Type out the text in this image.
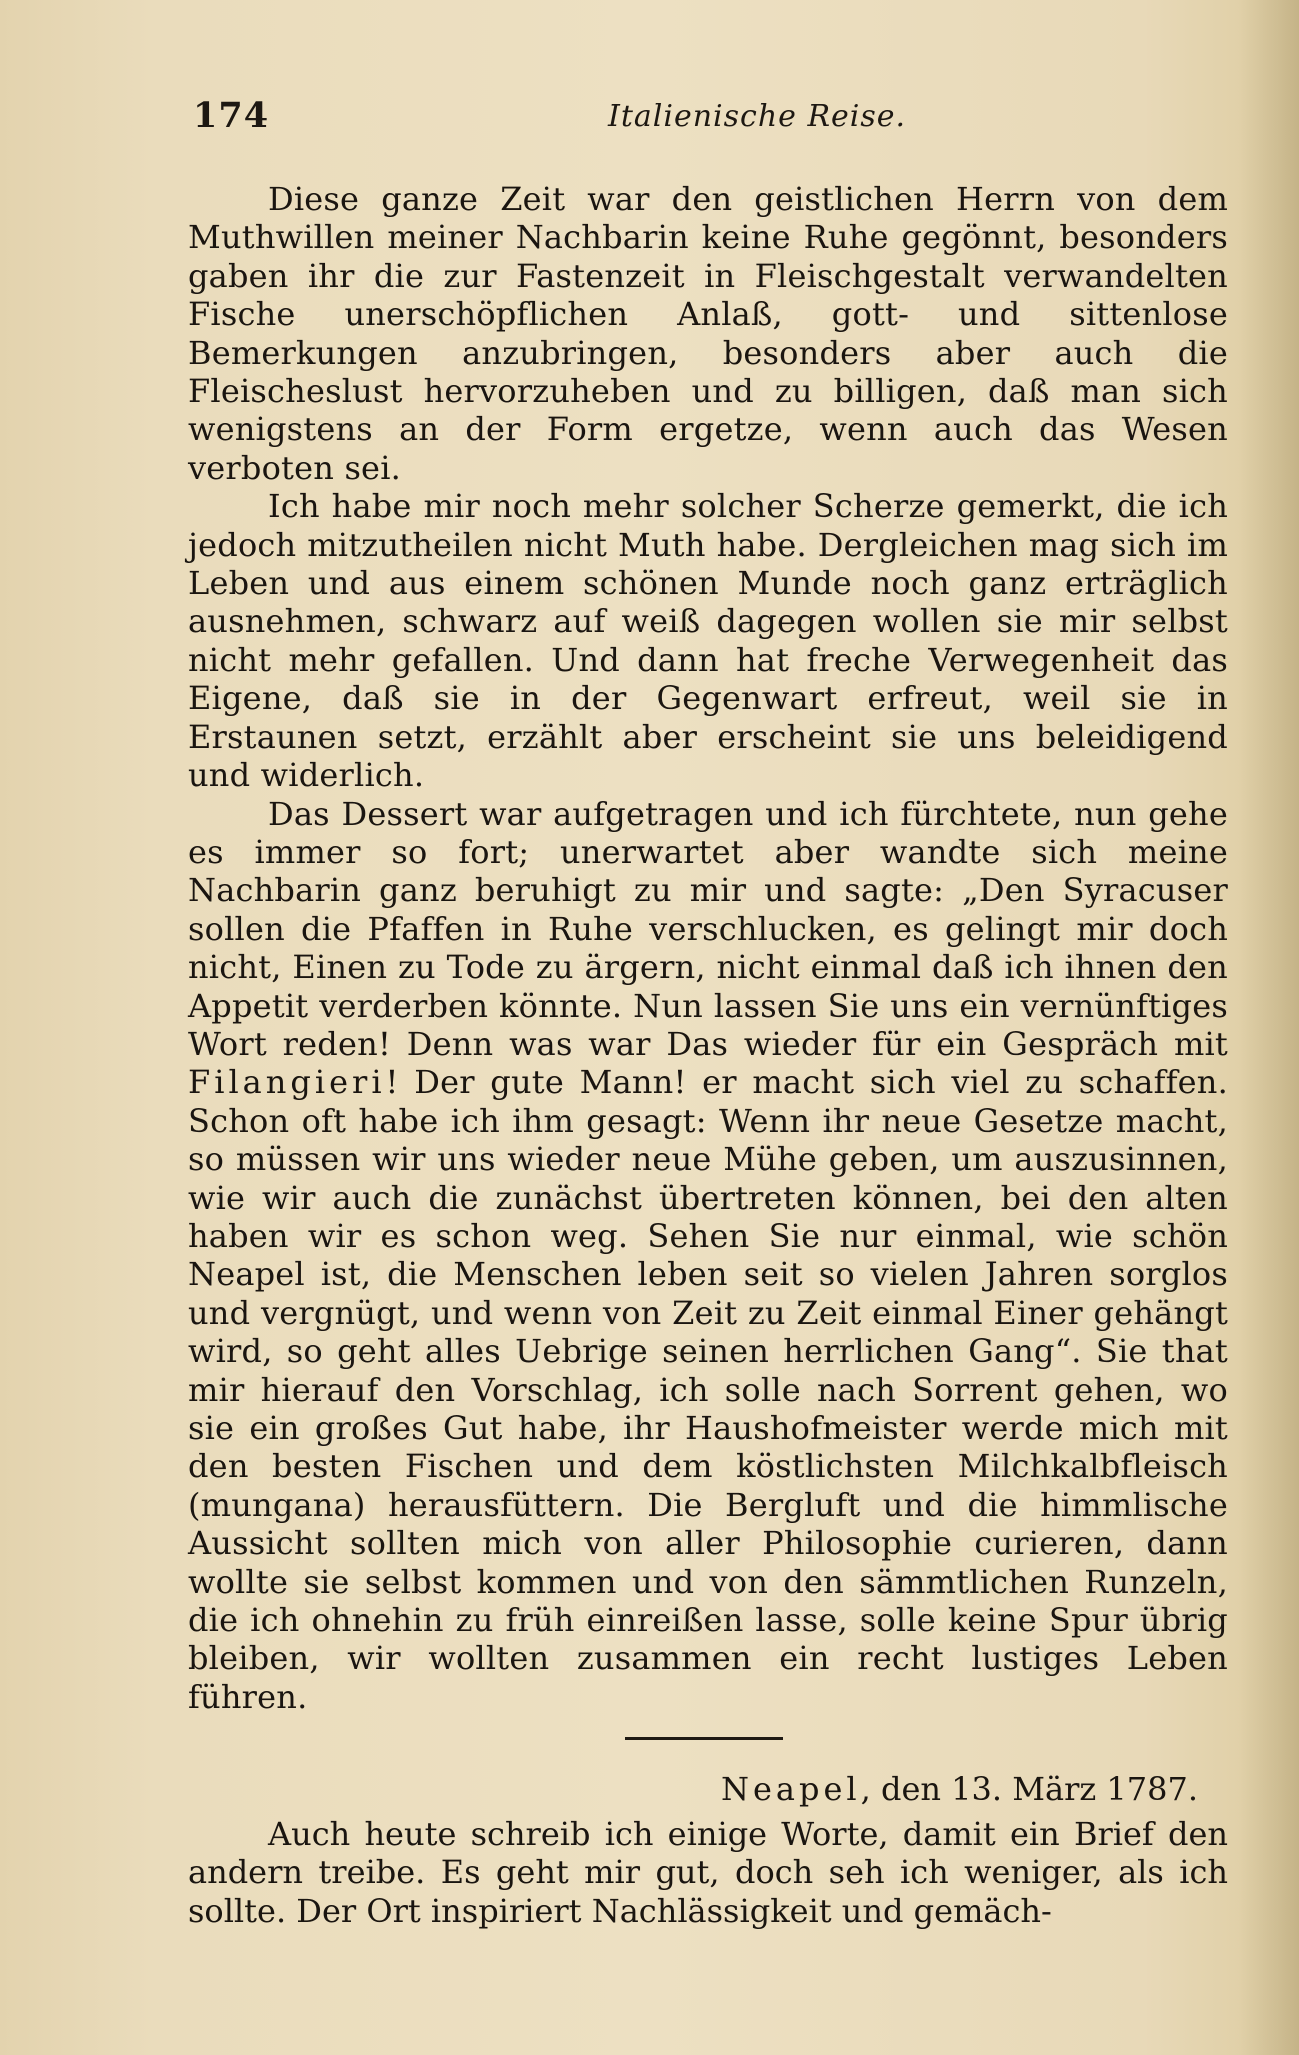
174	Italienische Reise.

Diese ganze Zeit war den geistlichen Herrn von dem Muthwillen meiner Nachbarin keine Ruhe gegönnt, besonders gaben ihr die zur Fastenzeit in Fleischgestalt verwandelten Fische unerschöpflichen Anlaß, gott- und sittenlose Bemerkungen anzubringen, besonders aber auch die Fleischeslust hervorzuheben und zu billigen, daß man sich wenigstens an der Form ergetze, wenn auch das Wesen verboten sei.

Ich habe mir noch mehr solcher Scherze gemerkt, die ich jedoch mitzutheilen nicht Muth habe. Dergleichen mag sich im Leben und aus einem schönen Munde noch ganz erträglich ausnehmen, schwarz auf weiß dagegen wollen sie mir selbst nicht mehr gefallen. Und dann hat freche Verwegenheit das Eigene, daß sie in der Gegenwart erfreut, weil sie in Erstaunen setzt, erzählt aber erscheint sie uns beleidigend und widerlich.

Das Dessert war aufgetragen und ich fürchtete, nun gehe es immer so fort; unerwartet aber wandte sich meine Nachbarin ganz beruhigt zu mir und sagte: „Den Syracuser sollen die Pfaffen in Ruhe verschlucken, es gelingt mir doch nicht, Einen zu Tode zu ärgern, nicht einmal daß ich ihnen den Appetit verderben könnte. Nun lassen Sie uns ein vernünftiges Wort reden! Denn was war Das wieder für ein Gespräch mit Filangieri! Der gute Mann! er macht sich viel zu schaffen. Schon oft habe ich ihm gesagt: Wenn ihr neue Gesetze macht, so müssen wir uns wieder neue Mühe geben, um auszusinnen, wie wir auch die zunächst übertreten können, bei den alten haben wir es schon weg. Sehen Sie nur einmal, wie schön Neapel ist, die Menschen leben seit so vielen Jahren sorglos und vergnügt, und wenn von Zeit zu Zeit einmal Einer gehängt wird, so geht alles Uebrige seinen herrlichen Gang“. Sie that mir hierauf den Vorschlag, ich solle nach Sorrent gehen, wo sie ein großes Gut habe, ihr Haushofmeister werde mich mit den besten Fischen und dem köstlichsten Milchkalbfleisch (mungana) herausfüttern. Die Bergluft und die himmlische Aussicht sollten mich von aller Philosophie curieren, dann wollte sie selbst kommen und von den sämmtlichen Runzeln, die ich ohnehin zu früh einreißen lasse, solle keine Spur übrig bleiben, wir wollten zusammen ein recht lustiges Leben führen.

Neapel, den 13. März 1787.

Auch heute schreib ich einige Worte, damit ein Brief den andern treibe. Es geht mir gut, doch seh ich weniger, als ich sollte. Der Ort inspiriert Nachlässigkeit und gemäch-
